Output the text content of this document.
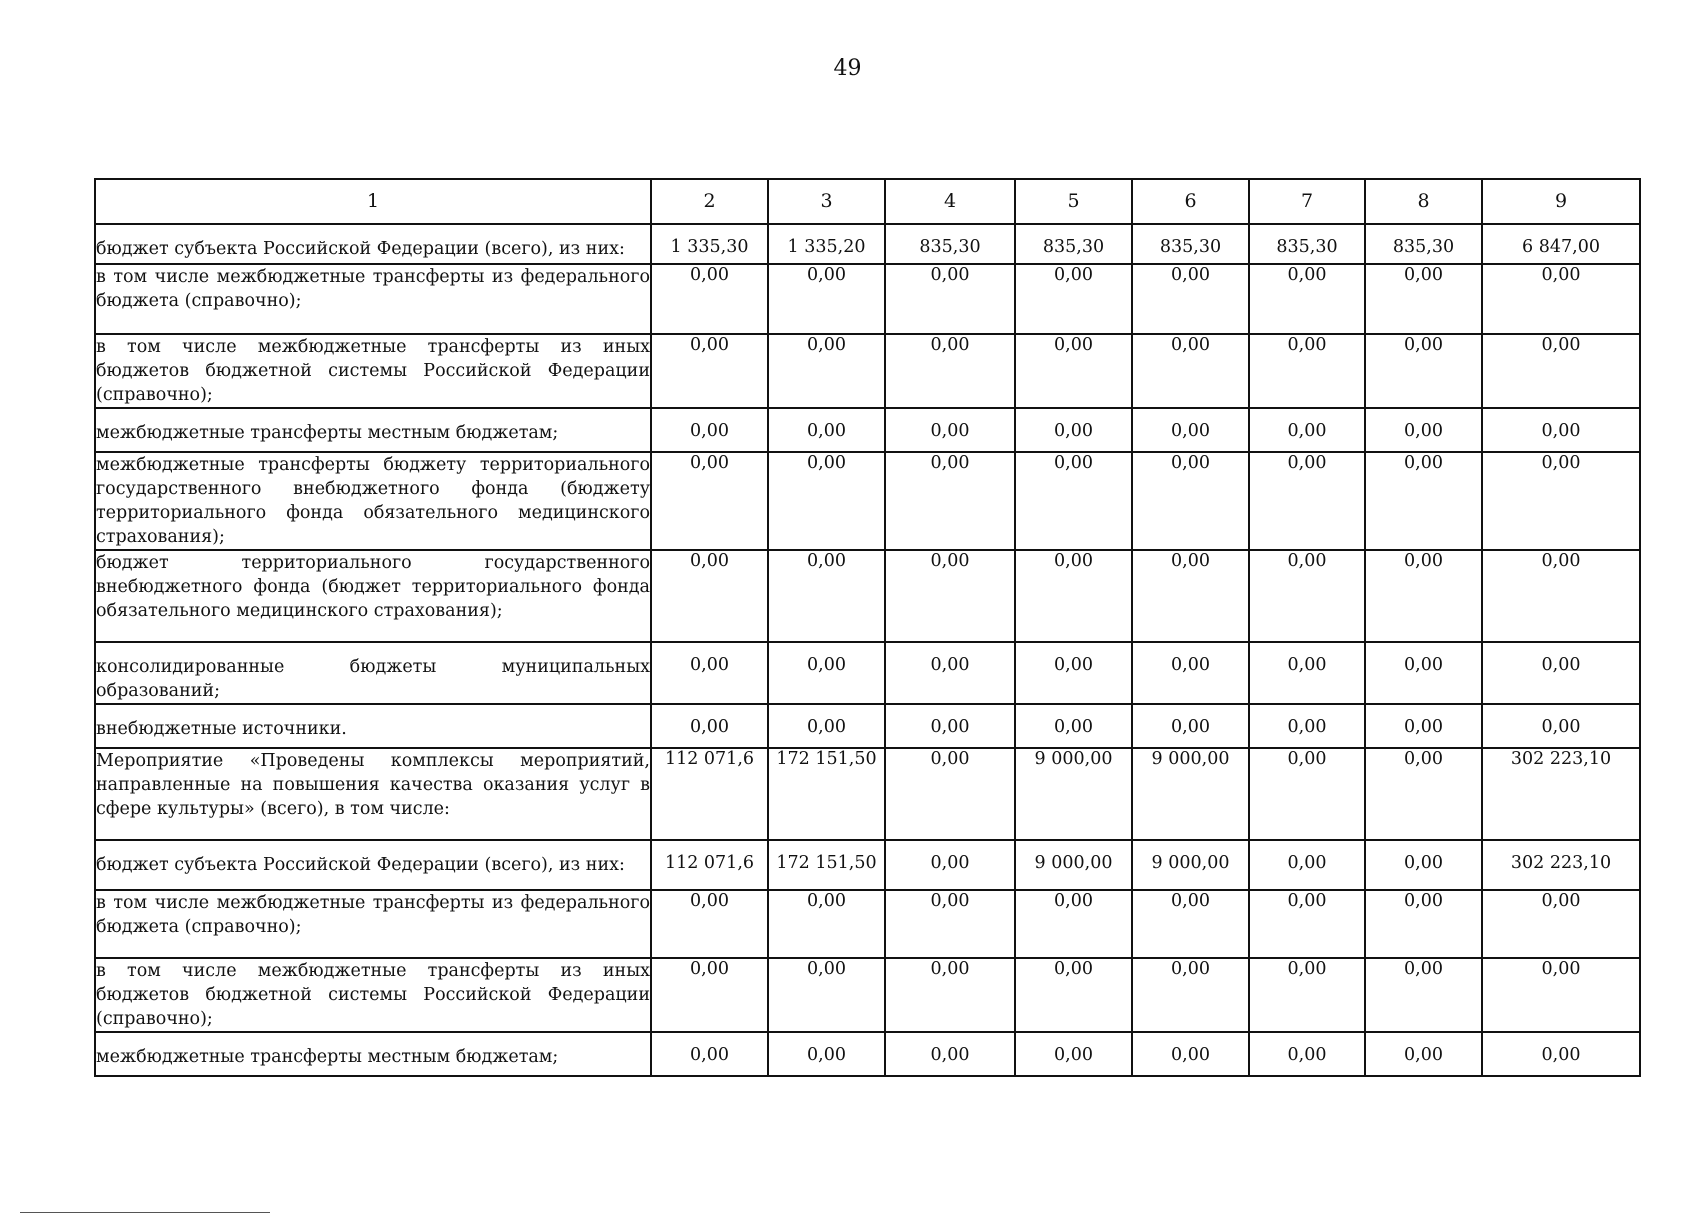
49
1	2	3	4	5	6	7	8	9
бюджет субъекта Российской Федерации (всего), из них:	1 335,30	1 335,20	835,30	835,30	835,30	835,30	835,30	6 847,00
в том числе межбюджетные трансферты из федерального бюджета (справочно);	0,00	0,00	0,00	0,00	0,00	0,00	0,00	0,00
в том числе межбюджетные трансферты из иных бюджетов бюджетной системы Российской Федерации (справочно);	0,00	0,00	0,00	0,00	0,00	0,00	0,00	0,00
межбюджетные трансферты местным бюджетам;	0,00	0,00	0,00	0,00	0,00	0,00	0,00	0,00
межбюджетные трансферты бюджету территориального государственного внебюджетного фонда (бюджету территориального фонда обязательного медицинского страхования);	0,00	0,00	0,00	0,00	0,00	0,00	0,00	0,00
бюджет территориального государственного внебюджетного фонда (бюджет территориального фонда обязательного медицинского страхования);	0,00	0,00	0,00	0,00	0,00	0,00	0,00	0,00
консолидированные бюджеты муниципальных образований;	0,00	0,00	0,00	0,00	0,00	0,00	0,00	0,00
внебюджетные источники.	0,00	0,00	0,00	0,00	0,00	0,00	0,00	0,00
Мероприятие «Проведены комплексы мероприятий, направленные на повышения качества оказания услуг в сфере культуры» (всего), в том числе:	112 071,6	172 151,50	0,00	9 000,00	9 000,00	0,00	0,00	302 223,10
бюджет субъекта Российской Федерации (всего), из них:	112 071,6	172 151,50	0,00	9 000,00	9 000,00	0,00	0,00	302 223,10
в том числе межбюджетные трансферты из федерального бюджета (справочно);	0,00	0,00	0,00	0,00	0,00	0,00	0,00	0,00
в том числе межбюджетные трансферты из иных бюджетов бюджетной системы Российской Федерации (справочно);	0,00	0,00	0,00	0,00	0,00	0,00	0,00	0,00
межбюджетные трансферты местным бюджетам;	0,00	0,00	0,00	0,00	0,00	0,00	0,00	0,00
